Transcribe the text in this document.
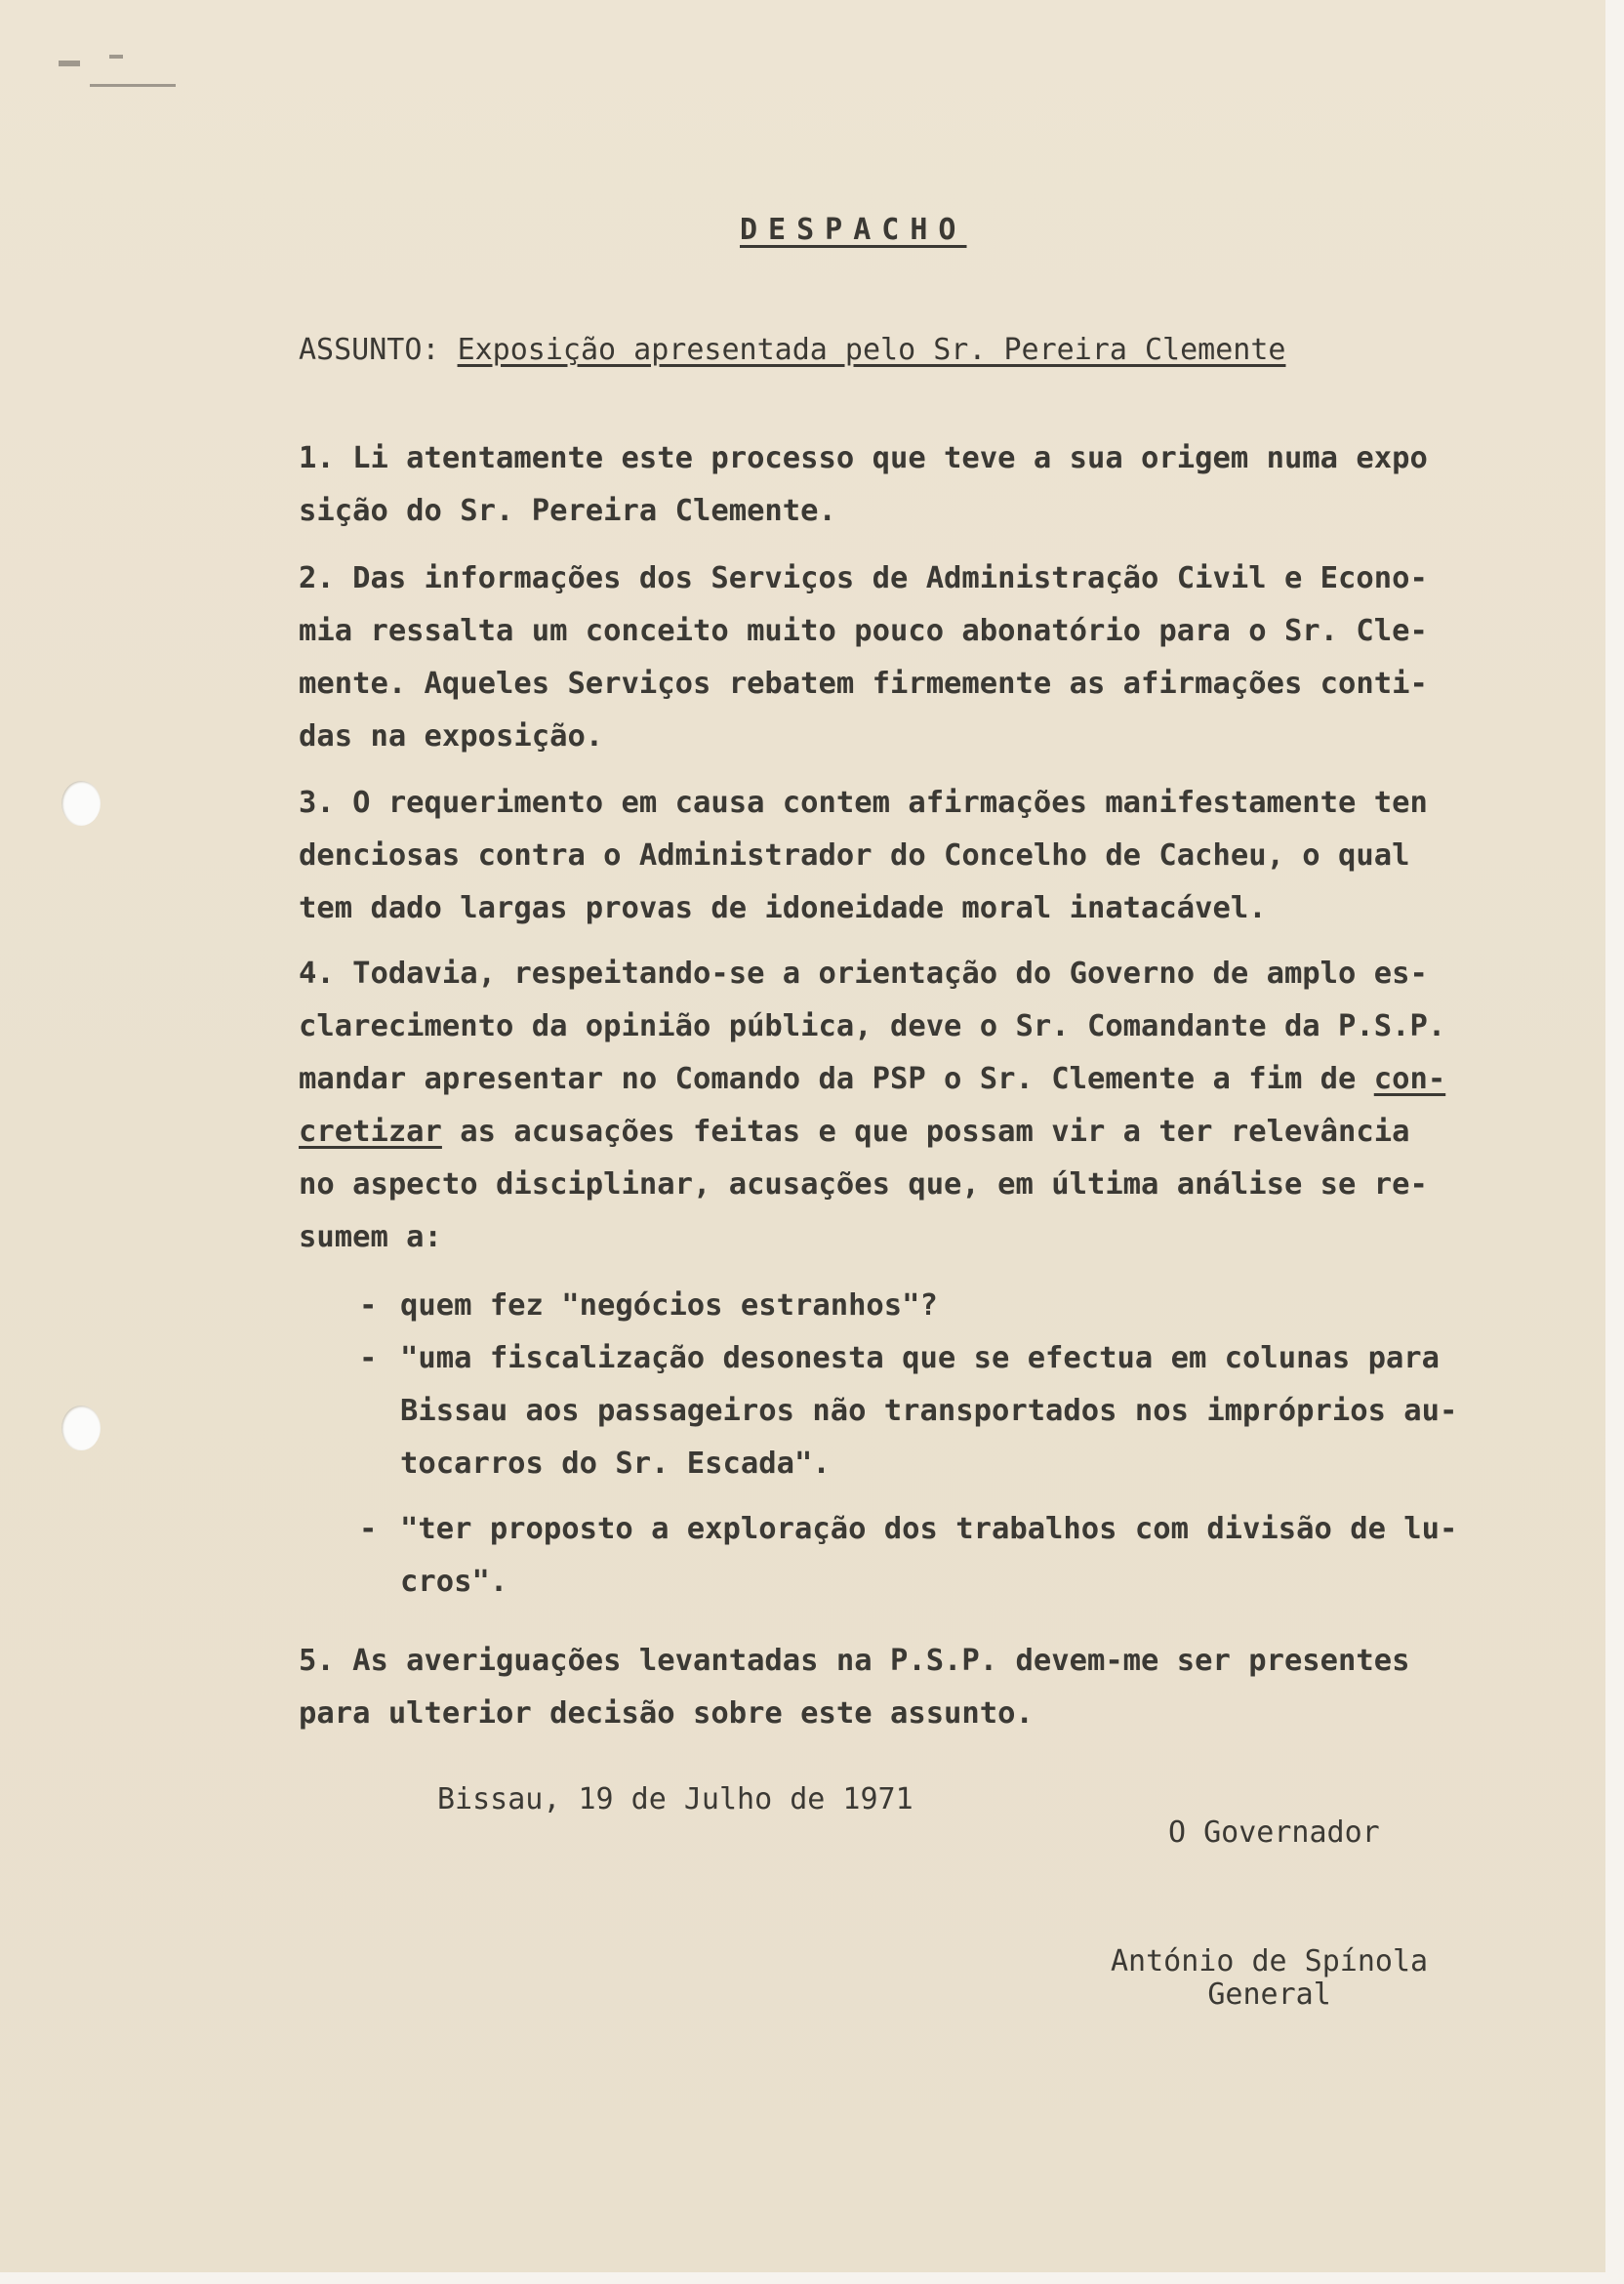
DESPACHO
ASSUNTO: Exposição apresentada pelo Sr. Pereira Clemente
1. Li atentamente este processo que teve a sua origem numa expo
sição do Sr. Pereira Clemente.
2. Das informações dos Serviços de Administração Civil e Econo-
mia ressalta um conceito muito pouco abonatório para o Sr. Cle-
mente. Aqueles Serviços rebatem firmemente as afirmações conti-
das na exposição.
3. O requerimento em causa contem afirmações manifestamente ten
denciosas contra o Administrador do Concelho de Cacheu, o qual
tem dado largas provas de idoneidade moral inatacável.
4. Todavia, respeitando-se a orientação do Governo de amplo es-
clarecimento da opinião pública, deve o Sr. Comandante da P.S.P.
mandar apresentar no Comando da PSP o Sr. Clemente a fim de con-
cretizar as acusações feitas e que possam vir a ter relevância
no aspecto disciplinar, acusações que, em última análise se re-
sumem a:
- quem fez "negócios estranhos"?
- "uma fiscalização desonesta que se efectua em colunas para
Bissau aos passageiros não transportados nos impróprios au-
tocarros do Sr. Escada".
- "ter proposto a exploração dos trabalhos com divisão de lu-
cros".
5. As averiguações levantadas na P.S.P. devem-me ser presentes
para ulterior decisão sobre este assunto.
Bissau, 19 de Julho de 1971
O Governador
António de Spínola
General
